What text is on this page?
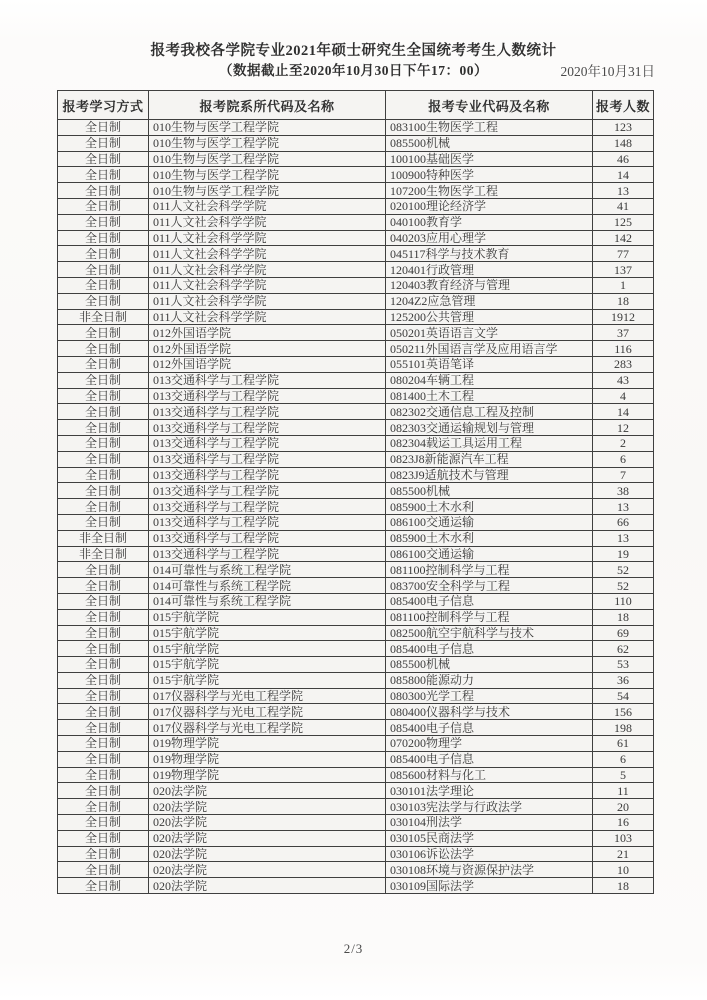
报考我校各学院专业2021年硕士研究生全国统考考生人数统计
（数据截止至2020年10月30日下午17：00）	2020年10月31日
报考学习方式	报考院系所代码及名称	报考专业代码及名称	报考人数
全日制	010生物与医学工程学院	083100生物医学工程	123
全日制	010生物与医学工程学院	085500机械	148
全日制	010生物与医学工程学院	100100基础医学	46
全日制	010生物与医学工程学院	100900特种医学	14
全日制	010生物与医学工程学院	107200生物医学工程	13
全日制	011人文社会科学学院	020100理论经济学	41
全日制	011人文社会科学学院	040100教育学	125
全日制	011人文社会科学学院	040203应用心理学	142
全日制	011人文社会科学学院	045117科学与技术教育	77
全日制	011人文社会科学学院	120401行政管理	137
全日制	011人文社会科学学院	120403教育经济与管理	1
全日制	011人文社会科学学院	1204Z2应急管理	18
非全日制	011人文社会科学学院	125200公共管理	1912
全日制	012外国语学院	050201英语语言文学	37
全日制	012外国语学院	050211外国语言学及应用语言学	116
全日制	012外国语学院	055101英语笔译	283
全日制	013交通科学与工程学院	080204车辆工程	43
全日制	013交通科学与工程学院	081400土木工程	4
全日制	013交通科学与工程学院	082302交通信息工程及控制	14
全日制	013交通科学与工程学院	082303交通运输规划与管理	12
全日制	013交通科学与工程学院	082304载运工具运用工程	2
全日制	013交通科学与工程学院	0823J8新能源汽车工程	6
全日制	013交通科学与工程学院	0823J9适航技术与管理	7
全日制	013交通科学与工程学院	085500机械	38
全日制	013交通科学与工程学院	085900土木水利	13
全日制	013交通科学与工程学院	086100交通运输	66
非全日制	013交通科学与工程学院	085900土木水利	13
非全日制	013交通科学与工程学院	086100交通运输	19
全日制	014可靠性与系统工程学院	081100控制科学与工程	52
全日制	014可靠性与系统工程学院	083700安全科学与工程	52
全日制	014可靠性与系统工程学院	085400电子信息	110
全日制	015宇航学院	081100控制科学与工程	18
全日制	015宇航学院	082500航空宇航科学与技术	69
全日制	015宇航学院	085400电子信息	62
全日制	015宇航学院	085500机械	53
全日制	015宇航学院	085800能源动力	36
全日制	017仪器科学与光电工程学院	080300光学工程	54
全日制	017仪器科学与光电工程学院	080400仪器科学与技术	156
全日制	017仪器科学与光电工程学院	085400电子信息	198
全日制	019物理学院	070200物理学	61
全日制	019物理学院	085400电子信息	6
全日制	019物理学院	085600材料与化工	5
全日制	020法学院	030101法学理论	11
全日制	020法学院	030103宪法学与行政法学	20
全日制	020法学院	030104刑法学	16
全日制	020法学院	030105民商法学	103
全日制	020法学院	030106诉讼法学	21
全日制	020法学院	030108环境与资源保护法学	10
全日制	020法学院	030109国际法学	18
2/3
